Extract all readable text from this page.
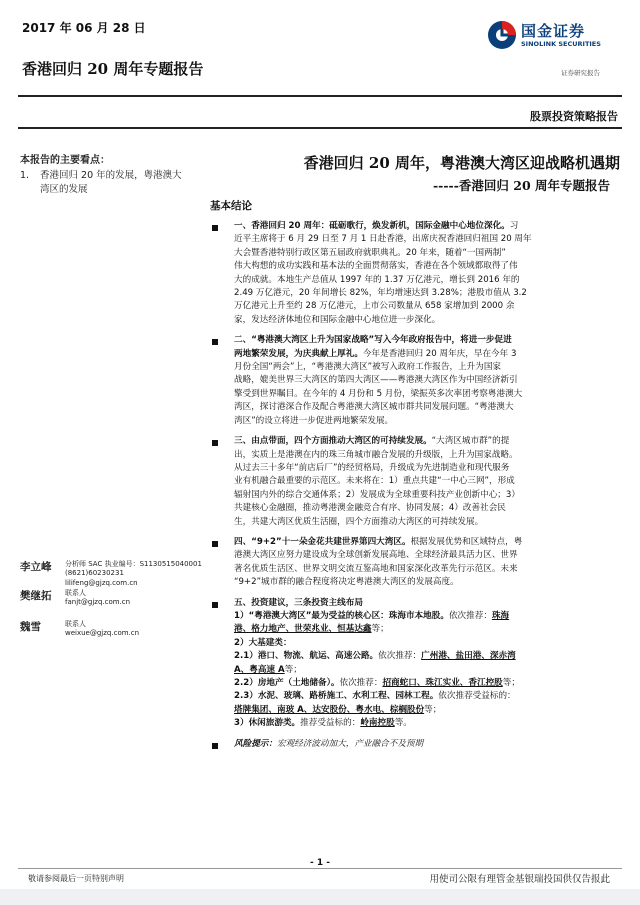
2017 年 06 月 28 日
香港回归 20 周年专题报告
国金证券
SINOLINK SECURITIES
证券研究报告
股票投资策略报告
本报告的主要看点：
1.	香港回归 20 年的发展，粤港澳大湾区的发展
李立峰 分析师 SAC 执业编号：S1130515040001
(8621)60230231
lilifeng@gjzq.com.cn
樊继拓 联系人
fanjt@gjzq.com.cn
魏雪	联系人
weixue@gjzq.com.cn
香港回归 20 周年，粤港澳大湾区迎战略机遇期
-----香港回归 20 周年专题报告
基本结论
一、香港回归 20 周年：砥砺歌行，焕发新机，国际金融中心地位深化。习
近平主席将于 6 月 29 日至 7 月 1 日赴香港，出席庆祝香港回归祖国 20 周年
大会暨香港特别行政区第五届政府就职典礼。20 年来，随着“一国两制”
伟大构想的成功实践和基本法的全面贯彻落实，香港在各个领域都取得了伟
大的成就。本地生产总值从 1997 年的 1.37 万亿港元，增长到 2016 年的
2.49 万亿港元，20 年间增长 82%，年均增速达到 3.28%；港股市值从 3.2
万亿港元上升至约 28 万亿港元，上市公司数量从 658 家增加到 2000 余
家，发达经济体地位和国际金融中心地位进一步深化。
二、“粤港澳大湾区上升为国家战略”写入今年政府报告中，将进一步促进
两地繁荣发展，为庆典献上厚礼。今年是香港回归 20 周年庆，早在今年 3
月份全国“两会”上，“粤港澳大湾区”被写入政府工作报告，上升为国家
战略，媲美世界三大湾区的第四大湾区——粤港澳大湾区作为中国经济新引
擎受到世界瞩目。在今年的 4 月份和 5 月份，梁振英多次率团考察粤港澳大
湾区，探讨港深合作及配合粤港澳大湾区城市群共同发展问题。“粤港澳大
湾区”的设立将进一步促进两地繁荣发展。
三、由点带面，四个方面推动大湾区的可持续发展。“大湾区城市群”的提
出，实质上是港澳在内的珠三角城市融合发展的升级版，上升为国家战略。
从过去三十多年“前店后厂”的经贸格局，升级成为先进制造业和现代服务
业有机融合最重要的示范区。未来将在：1）重点共建“一中心三网”，形成
辐射国内外的综合交通体系；2）发展成为全球重要科技产业创新中心；3）
共建核心金融圈，推动粤港澳金融竞合有序、协同发展；4）改善社会民
生，共建大湾区优质生活圈，四个方面推动大湾区的可持续发展。
四、“9+2”十一朵金花共建世界第四大湾区。根据发展优势和区域特点，粤
港澳大湾区应努力建设成为全球创新发展高地、全球经济最具活力区、世界
著名优质生活区、世界文明交流互鉴高地和国家深化改革先行示范区。未来
“9+2”城市群的融合程度将决定粤港澳大湾区的发展高度。
五、投资建议，三条投资主线布局
1）“粤港澳大湾区”最为受益的核心区：珠海市本地股。依次推荐：珠海
港、格力地产、世荣兆业、恒基达鑫等；
2）大基建类：
2.1）港口、物流、航运、高速公路。依次推荐：广州港、盐田港、深赤湾
A、粤高速 A等；
2.2）房地产（土地储备）。依次推荐：招商蛇口、珠江实业、香江控股等；
2.3）水泥、玻璃、路桥施工、水利工程、园林工程。依次推荐受益标的：
塔牌集团、南玻 A、达安股份、粤水电、棕榈股份等；
3）休闲旅游类。推荐受益标的：岭南控股等。
风险提示：宏观经济波动加大，产业融合不及预期
- 1 -
敬请参阅最后一页特别声明	用使司公限有理管金基银瑞投国供仅告报此
